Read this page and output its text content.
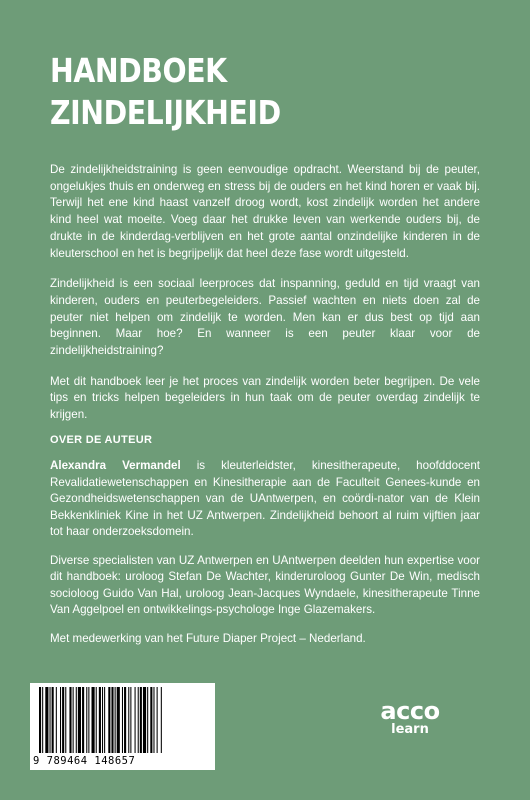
HANDBOEK
ZINDELIJKHEID

De zindelijkheidstraining is geen eenvoudige opdracht. Weerstand bij de peuter, ongelukjes thuis en onderweg en stress bij de ouders en het kind horen er vaak bij. Terwijl het ene kind haast vanzelf droog wordt, kost zindelijk worden het andere kind heel wat moeite. Voeg daar het drukke leven van werkende ouders bij, de drukte in de kinderdag-verblijven en het grote aantal onzindelijke kinderen in de kleuterschool en het is begrijpelijk dat heel deze fase wordt uitgesteld.

Zindelijkheid is een sociaal leerproces dat inspanning, geduld en tijd vraagt van kinderen, ouders en peuterbegeleiders. Passief wachten en niets doen zal de peuter niet helpen om zindelijk te worden. Men kan er dus best op tijd aan beginnen. Maar hoe? En wanneer is een peuter klaar voor de zindelijkheidstraining?

Met dit handboek leer je het proces van zindelijk worden beter begrijpen. De vele tips en tricks helpen begeleiders in hun taak om de peuter overdag zindelijk te krijgen.

OVER DE AUTEUR

Alexandra Vermandel is kleuterleidster, kinesitherapeute, hoofddocent Revalidatiewetenschappen en Kinesitherapie aan de Faculteit Genees-kunde en Gezondheidswetenschappen van de UAntwerpen, en coördi-nator van de Klein Bekkenkliniek Kine in het UZ Antwerpen. Zindelijkheid behoort al ruim vijftien jaar tot haar onderzoeksdomein.

Diverse specialisten van UZ Antwerpen en UAntwerpen deelden hun expertise voor dit handboek: uroloog Stefan De Wachter, kinderuroloog Gunter De Win, medisch socioloog Guido Van Hal, uroloog Jean-Jacques Wyndaele, kinesitherapeute Tinne Van Aggelpoel en ontwikkelings-psychologe Inge Glazemakers.

Met medewerking van het Future Diaper Project – Nederland.

9 789464 148657
acco
learn
